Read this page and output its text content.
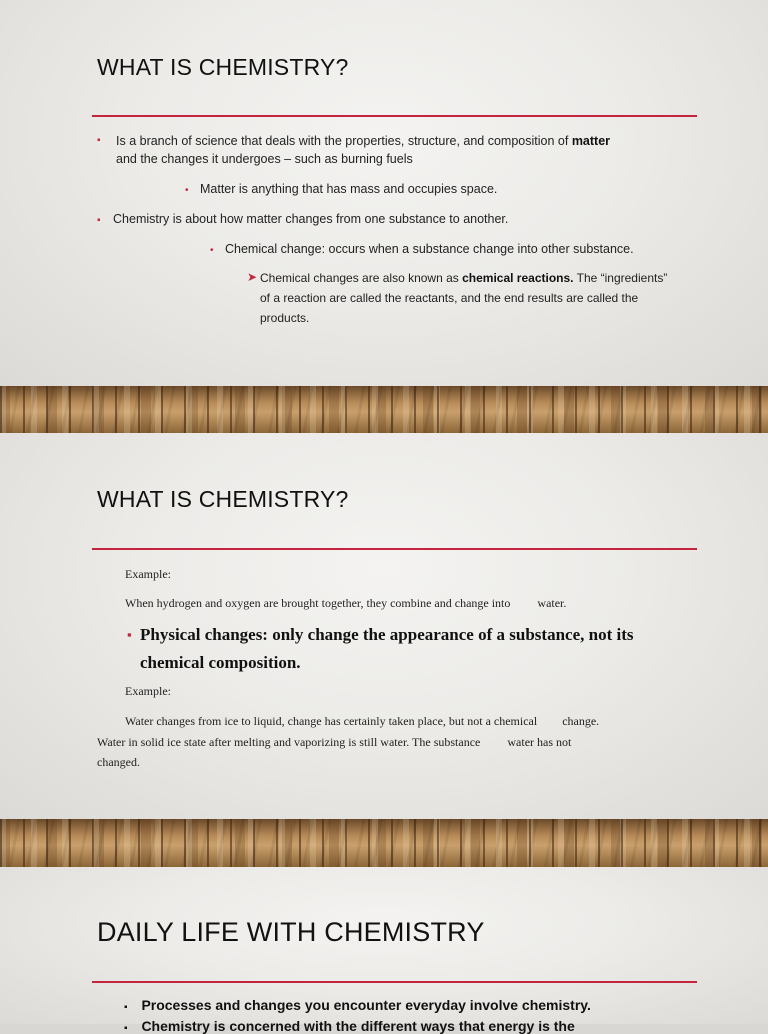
WHAT IS CHEMISTRY?
▪	Is a branch of science that deals with the properties, structure, and composition of matter
and the changes it undergoes – such as burning fuels
• Matter is anything that has mass and occupies space.
▪ Chemistry is about how matter changes from one substance to another.
• Chemical change: occurs when a substance change into other substance.
➤ Chemical changes are also known as chemical reactions. The “ingredients”
of a reaction are called the reactants, and the end results are called the
products.
WHAT IS CHEMISTRY?
Example:
When hydrogen and oxygen are brought together, they combine and change into water.
▪ Physical changes: only change the appearance of a substance, not its
chemical composition.
Example:
Water changes from ice to liquid, change has certainly taken place, but not a chemical change.
Water in solid ice state after melting and vaporizing is still water. The substance water has not
changed.
DAILY LIFE WITH CHEMISTRY
▪ Processes and changes you encounter everyday involve chemistry.
▪ Chemistry is concerned with the different ways that energy is the
